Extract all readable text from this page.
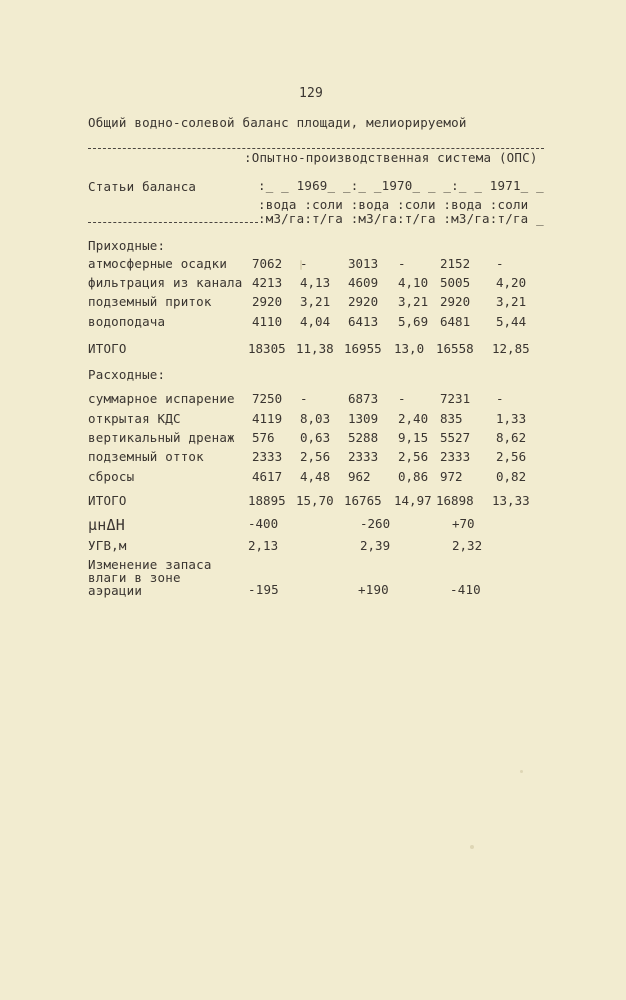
129
Общий водно-солевой баланс площади, мелиорируемой
:Опытно-производственная система (ОПС)
Статьи баланса	:_ _ 1969_ _:_ _1970_ _ _:_ _ 1971_ _
:вода :соли :вода :соли :вода :соли
:м3/га:т/га :м3/га:т/га :м3/га:т/га _
Приходные:
атмосферные осадки 7062 -	3013 -	2152 -
фильтрация из канала 4213 4,13 4609 4,10 5005 4,20
подземный приток	2920 3,21 2920 3,21 2920 3,21
водоподача	4110 4,04 6413 5,69 6481 5,44
ИТОГО	18305 11,38 16955 13,0 16558 12,85
Расходные:
суммарное испарение 7250 -	6873 -	7231 -
открытая КДС	4119 8,03 1309 2,40 835	1,33
вертикальный дренаж 576 0,63 5288 9,15 5527 8,62
подземный отток	2333 2,56 2333 2,56 2333 2,56
сбросы	4617 4,48 962 0,86 972	0,82
ИТОГО	18895 15,70 16765 14,97 16898 13,33
μнΔH	-400	-260	+70
УГВ,м	2,13	2,39	2,32
Изменение запаса
влаги в зоне
аэрации	-195	+190	-410
